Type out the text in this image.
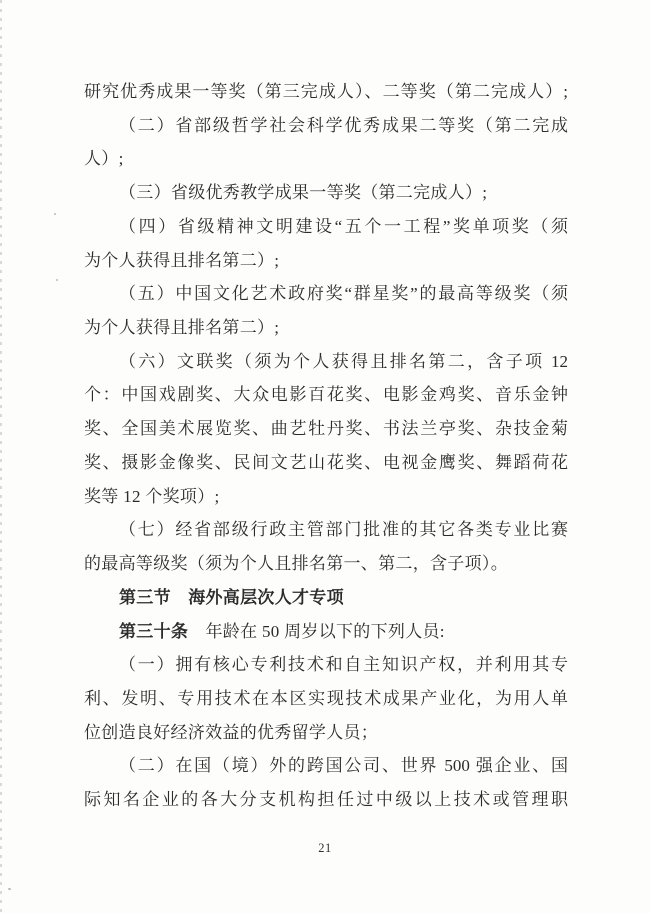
研究优秀成果一等奖（第三完成人）、二等奖（第二完成人）;
（二）省部级哲学社会科学优秀成果二等奖（第二完成
人）;
（三）省级优秀教学成果一等奖（第二完成人）;
（四）省级精神文明建设“五个一工程”奖单项奖（须
为个人获得且排名第二）;
（五）中国文化艺术政府奖“群星奖”的最高等级奖（须
为个人获得且排名第二）;
（六）文联奖（须为个人获得且排名第二，含子项 12
个：中国戏剧奖、大众电影百花奖、电影金鸡奖、音乐金钟
奖、全国美术展览奖、曲艺牡丹奖、书法兰亭奖、杂技金菊
奖、摄影金像奖、民间文艺山花奖、电视金鹰奖、舞蹈荷花
奖等 12 个奖项）;
（七）经省部级行政主管部门批准的其它各类专业比赛
的最高等级奖（须为个人且排名第一、第二，含子项）。
第三节　海外高层次人才专项
第三十条　年龄在 50 周岁以下的下列人员:
（一）拥有核心专利技术和自主知识产权，并利用其专
利、发明、专用技术在本区实现技术成果产业化，为用人单
位创造良好经济效益的优秀留学人员；
（二）在国（境）外的跨国公司、世界 500 强企业、国
际知名企业的各大分支机构担任过中级以上技术或管理职
21
